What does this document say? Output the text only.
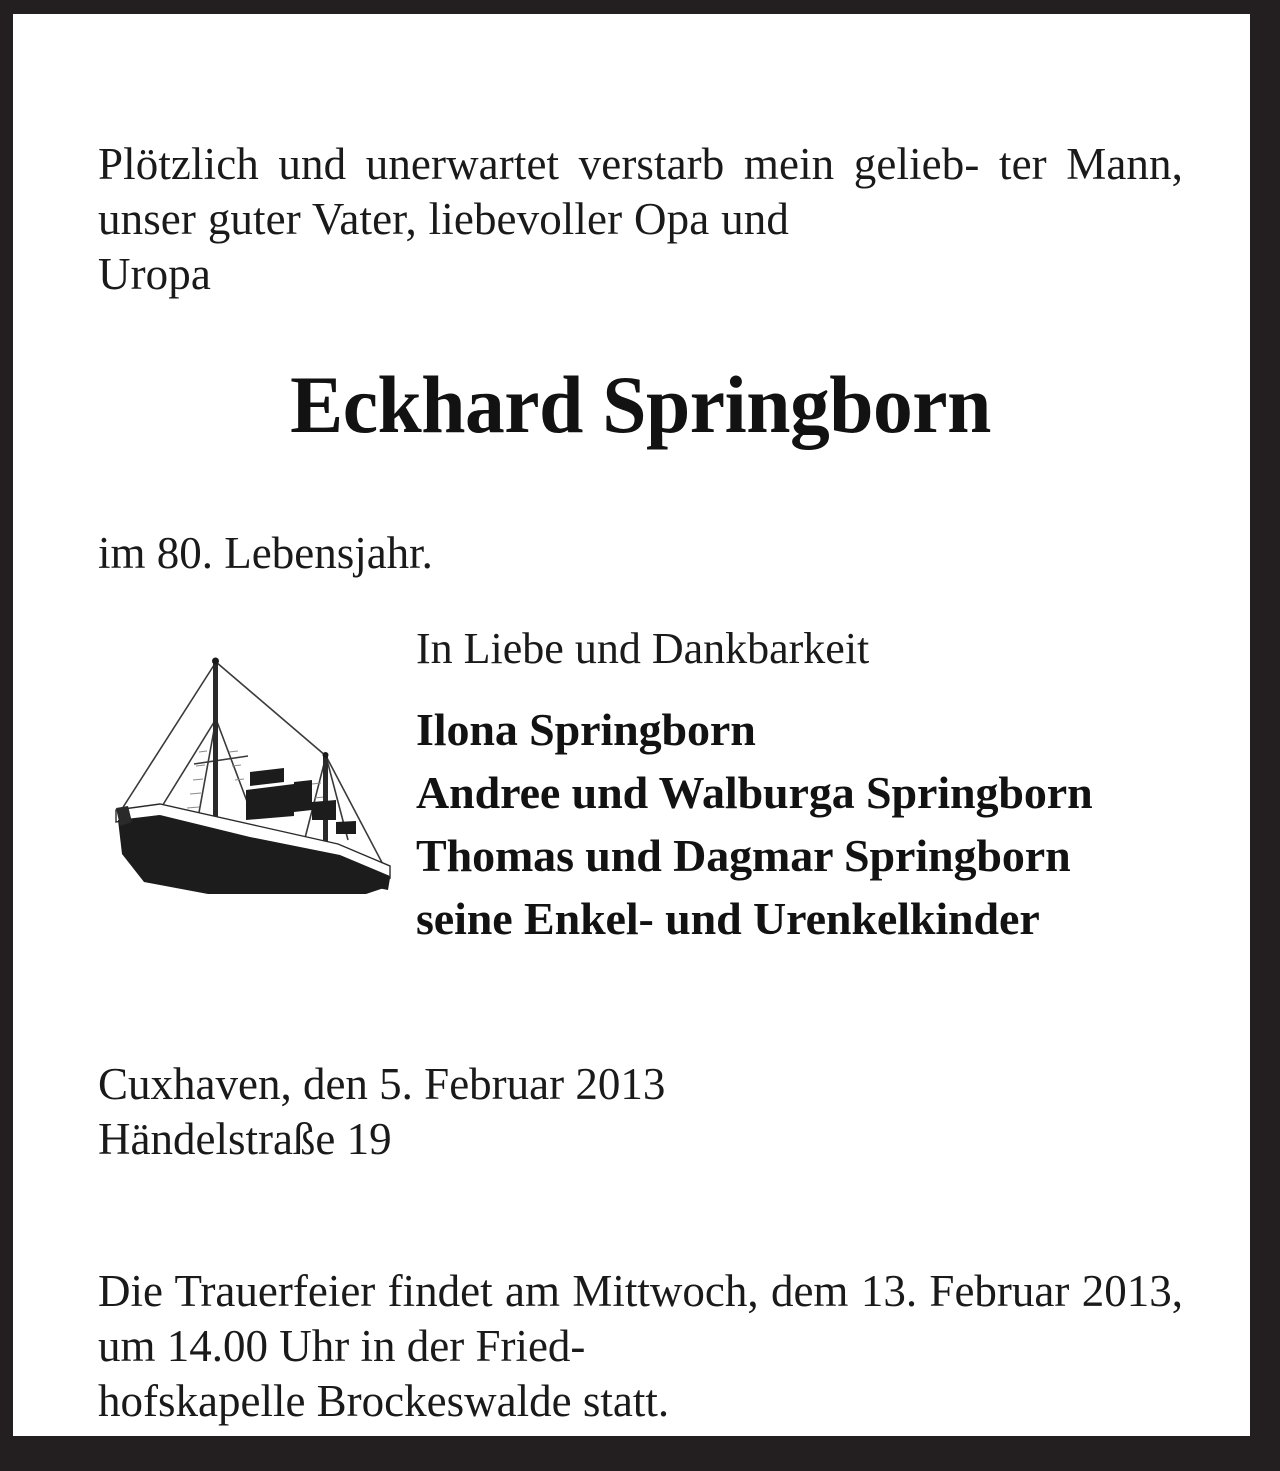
Plötzlich und unerwartet verstarb mein gelieb- ter Mann, unser guter Vater, liebevoller Opa und
Uropa

Eckhard Springborn

im 80. Lebensjahr.

In Liebe und Dankbarkeit
Ilona Springborn
Andree und Walburga Springborn
Thomas und Dagmar Springborn
seine Enkel- und Urenkelkinder
Cuxhaven, den 5. Februar 2013
Händelstraße 19

Die Trauerfeier findet am Mittwoch, dem 13. Februar 2013, um 14.00 Uhr in der Fried-
hofskapelle Brockeswalde statt.
